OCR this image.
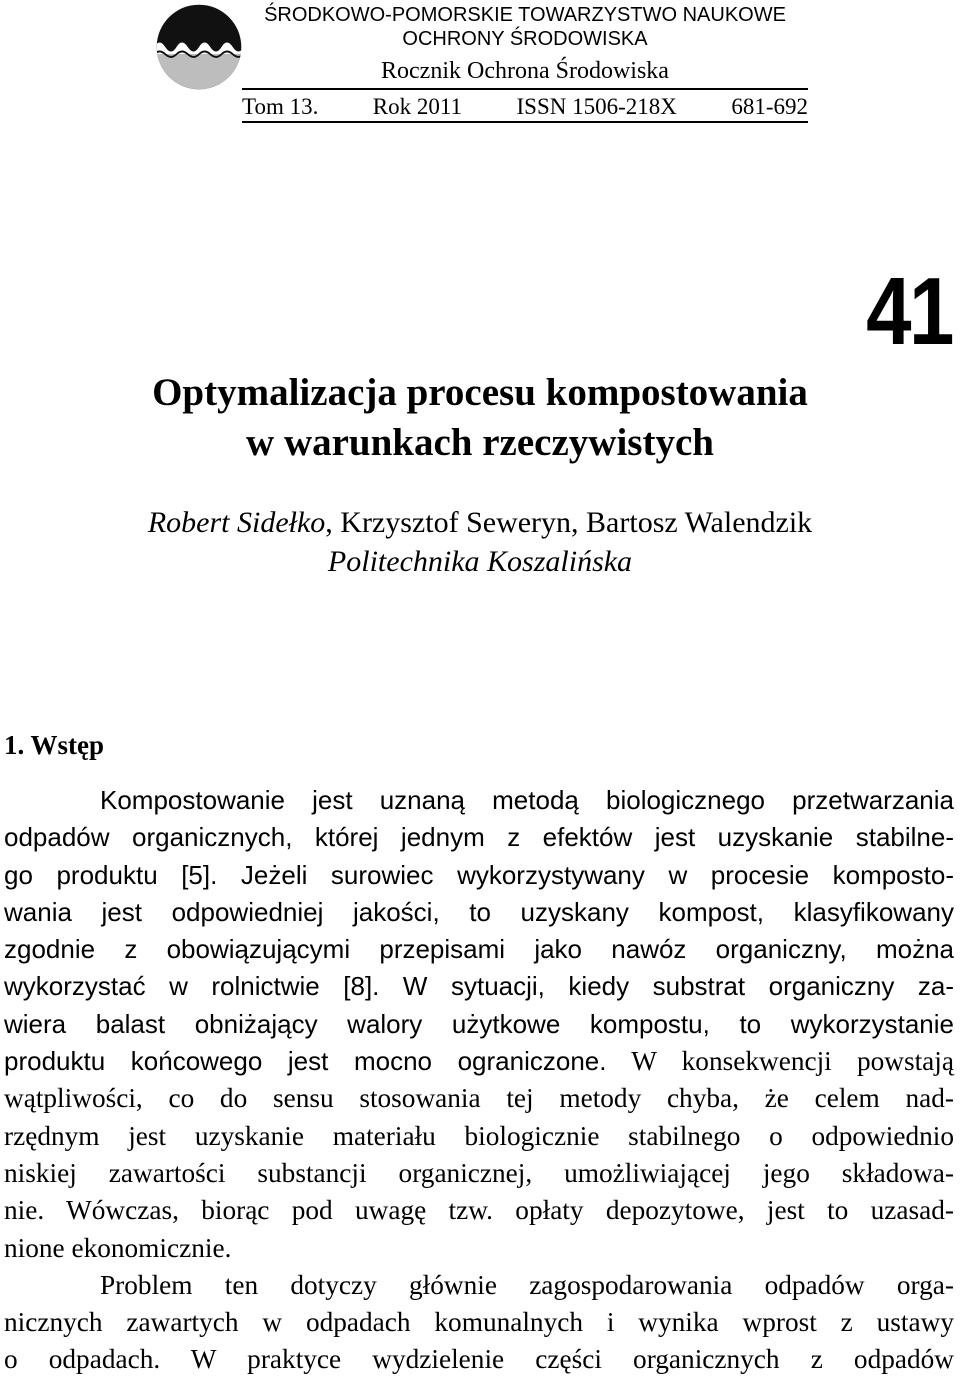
ŚRODKOWO-POMORSKIE TOWARZYSTWO NAUKOWE
OCHRONY ŚRODOWISKA
Rocznik Ochrona Środowiska
Tom 13. Rok 2011 ISSN 1506-218X 681-692
41
Optymalizacja procesu kompostowania
w warunkach rzeczywistych
Robert Sidełko, Krzysztof Seweryn, Bartosz Walendzik
Politechnika Koszalińska
1. Wstęp
Kompostowanie jest uznaną metodą biologicznego przetwarzania
odpadów organicznych, której jednym z efektów jest uzyskanie stabilne-
go produktu [5]. Jeżeli surowiec wykorzystywany w procesie komposto-
wania jest odpowiedniej jakości, to uzyskany kompost, klasyfikowany
zgodnie z obowiązującymi przepisami jako nawóz organiczny, można
wykorzystać w rolnictwie [8]. W sytuacji, kiedy substrat organiczny za-
wiera balast obniżający walory użytkowe kompostu, to wykorzystanie
produktu końcowego jest mocno ograniczone. W konsekwencji powstają
wątpliwości, co do sensu stosowania tej metody chyba, że celem nad-
rzędnym jest uzyskanie materiału biologicznie stabilnego o odpowiednio
niskiej zawartości substancji organicznej, umożliwiającej jego składowa-
nie. Wówczas, biorąc pod uwagę tzw. opłaty depozytowe, jest to uzasad-
nione ekonomicznie.
Problem ten dotyczy głównie zagospodarowania odpadów orga-
nicznych zawartych w odpadach komunalnych i wynika wprost z ustawy
o odpadach. W praktyce wydzielenie części organicznych z odpadów
